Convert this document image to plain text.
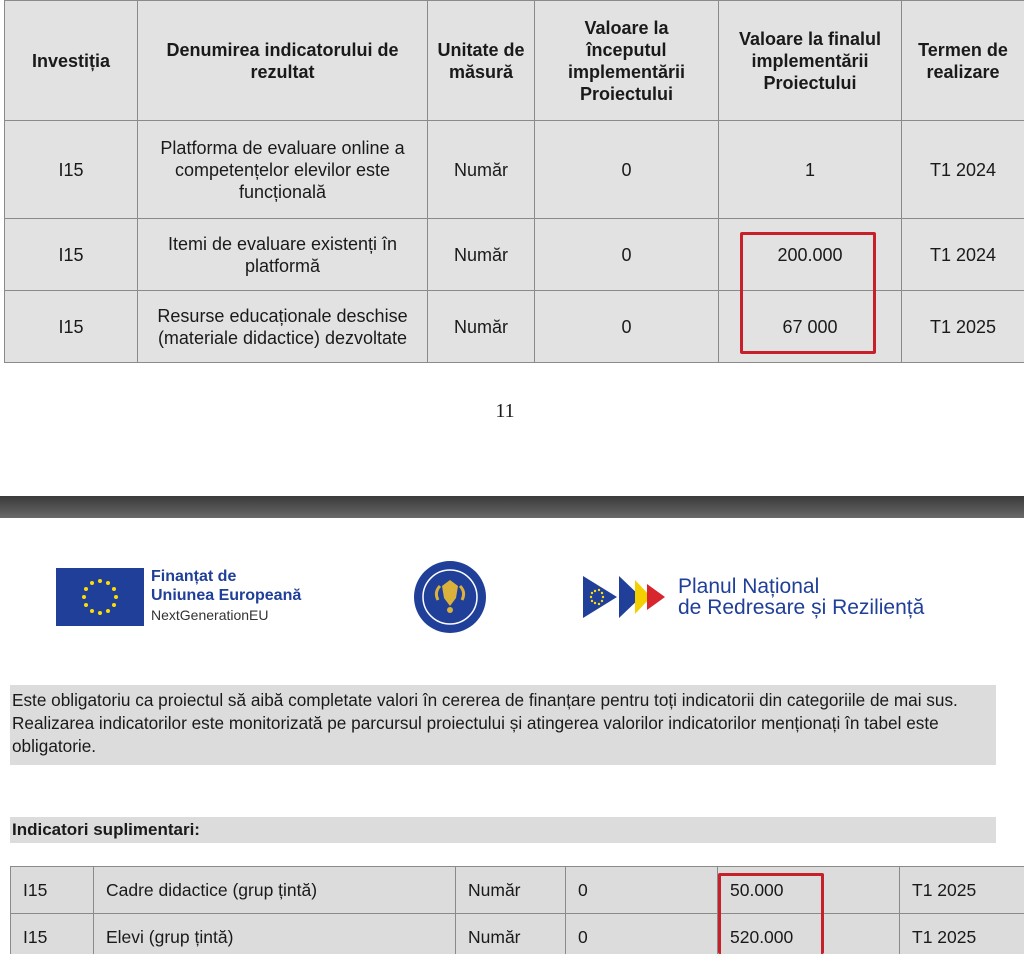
Investiția	Denumirea indicatorului de rezultat	Unitate de măsură	Valoare la începutul implementării Proiectului	Valoare la finalul implementării Proiectului	Termen de realizare
I15	Platforma de evaluare online a competențelor elevilor este funcțională	Număr	0	1	T1 2024
I15	Itemi de evaluare existenți în platformă	Număr	0	200.000	T1 2024
I15	Resurse educaționale deschise (materiale didactice) dezvoltate	Număr	0	67 000	T1 2025
11
Finanțat de
Uniunea Europeană
NextGenerationEU
Planul Național
de Redresare și Reziliență
Este obligatoriu ca proiectul să aibă completate valori în cererea de finanțare pentru toți indicatorii din categoriile de mai sus. Realizarea indicatorilor este monitorizată pe parcursul proiectului și atingerea valorilor indicatorilor menționați în tabel este obligatorie.
Indicatori suplimentari:
I15	Cadre didactice (grup țintă)	Număr	0	50.000	T1 2025
I15	Elevi (grup țintă)	Număr	0	520.000	T1 2025
